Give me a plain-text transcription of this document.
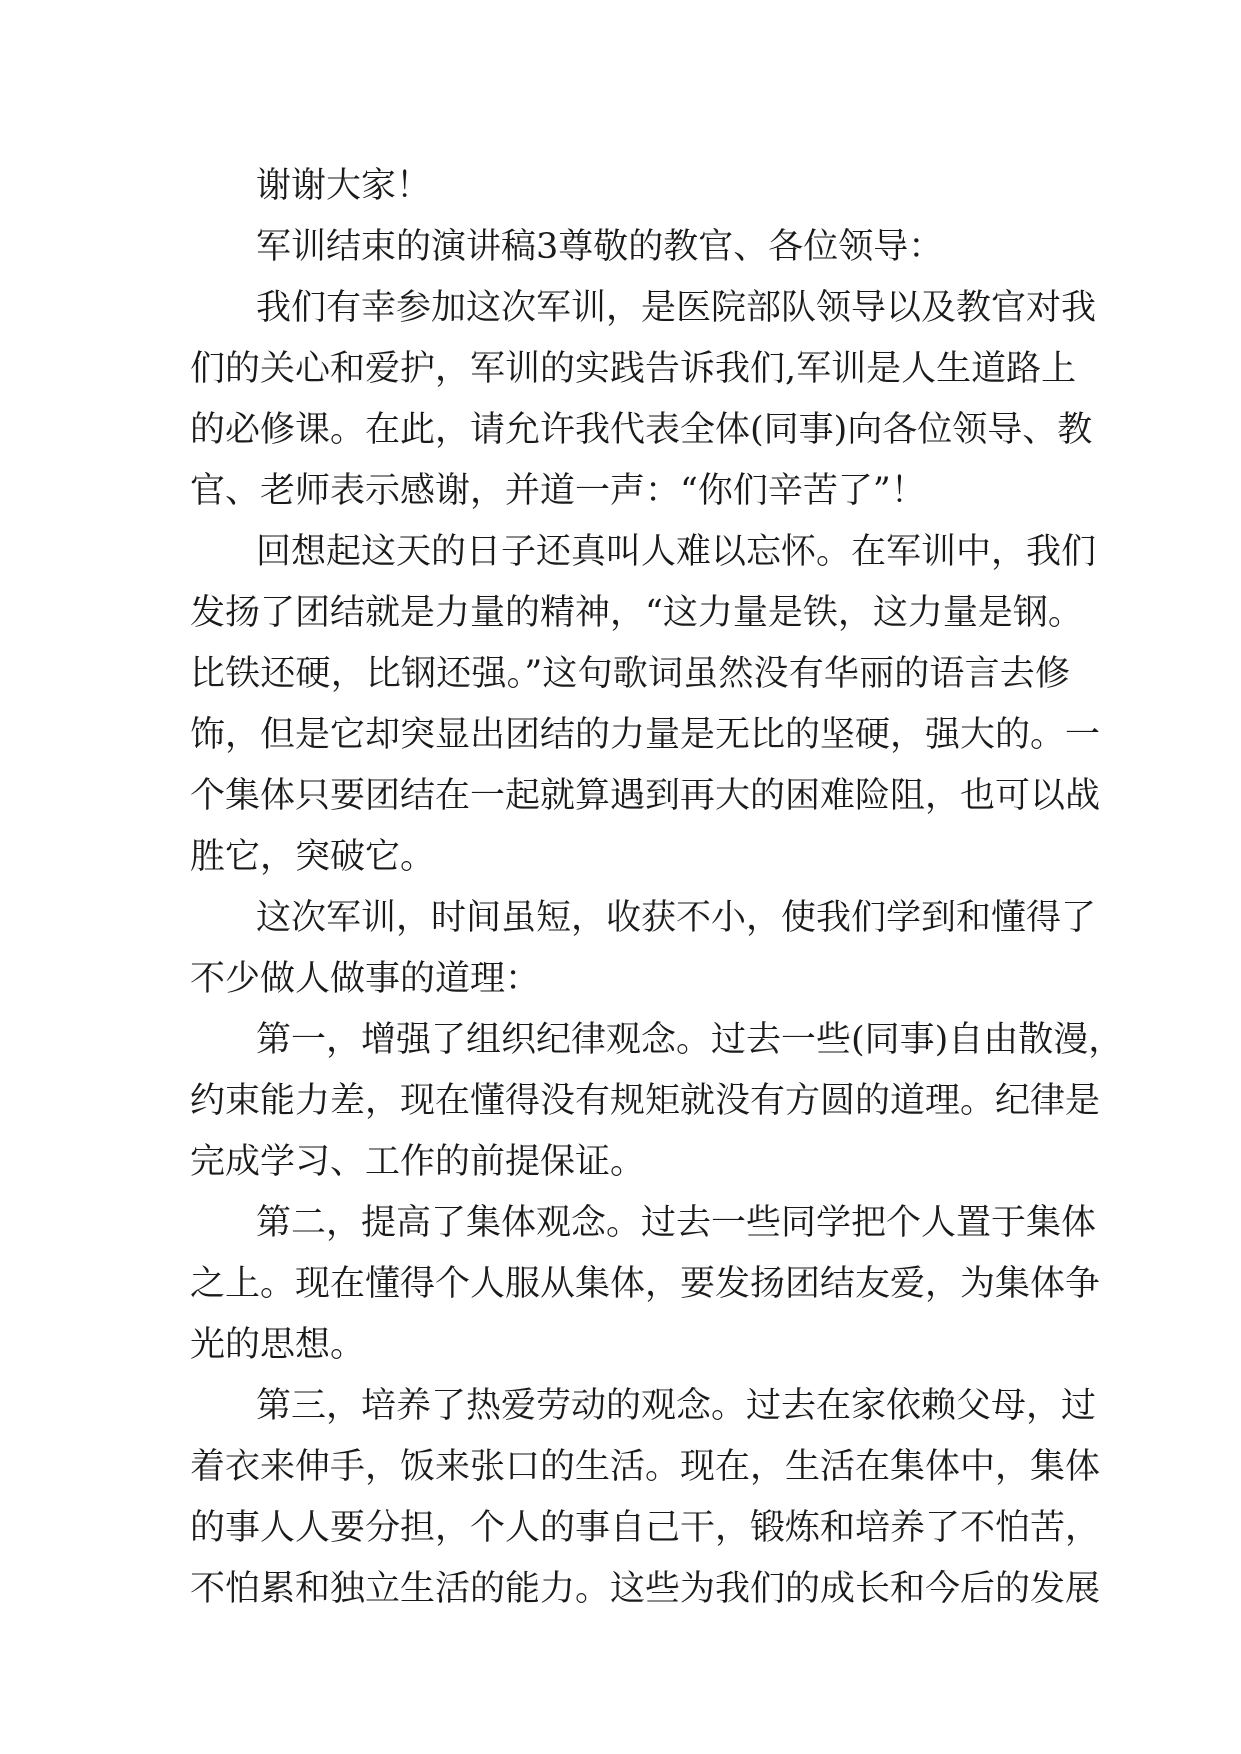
谢谢大家！
军训结束的演讲稿3尊敬的教官、各位领导：
我们有幸参加这次军训，是医院部队领导以及教官对我
们的关心和爱护，军训的实践告诉我们,军训是人生道路上
的必修课。在此，请允许我代表全体(同事)向各位领导、教
官、老师表示感谢，并道一声：“你们辛苦了”！
回想起这天的日子还真叫人难以忘怀。在军训中，我们
发扬了团结就是力量的精神，“这力量是铁，这力量是钢。
比铁还硬，比钢还强。”这句歌词虽然没有华丽的语言去修
饰，但是它却突显出团结的力量是无比的坚硬，强大的。一
个集体只要团结在一起就算遇到再大的困难险阻，也可以战
胜它，突破它。
这次军训，时间虽短，收获不小，使我们学到和懂得了
不少做人做事的道理：
第一，增强了组织纪律观念。过去一些(同事)自由散漫，
约束能力差，现在懂得没有规矩就没有方圆的道理。纪律是
完成学习、工作的前提保证。
第二，提高了集体观念。过去一些同学把个人置于集体
之上。现在懂得个人服从集体，要发扬团结友爱，为集体争
光的思想。
第三，培养了热爱劳动的观念。过去在家依赖父母，过
着衣来伸手，饭来张口的生活。现在，生活在集体中，集体
的事人人要分担，个人的事自己干，锻炼和培养了不怕苦，
不怕累和独立生活的能力。这些为我们的成长和今后的发展
